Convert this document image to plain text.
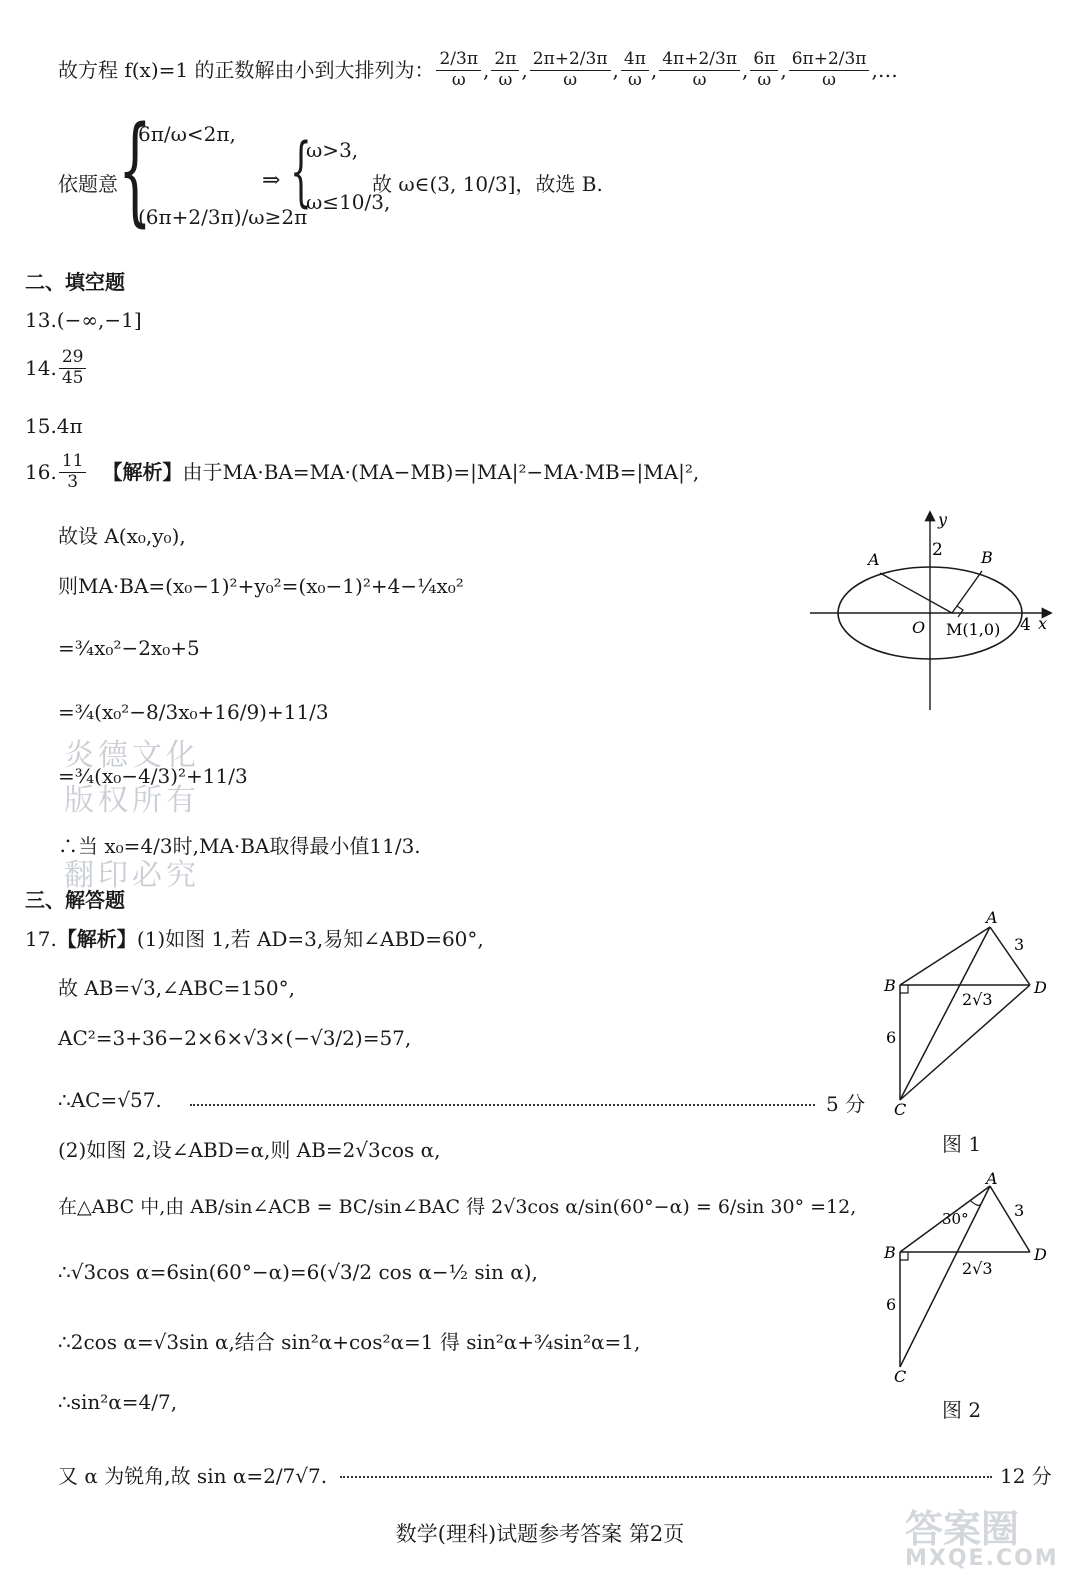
故方程 f(x)=1 的正数解由小到大排列为： $\frac{2/3\pi}{\omega}$ , $\frac{2\pi}{\omega}$ , $\frac{2\pi+2/3\pi}{\omega}$ , $\frac{4\pi}{\omega}$ , $\frac{4\pi+2/3\pi}{\omega}$ , $\frac{6\pi}{\omega}$ , $\frac{6\pi+2/3\pi}{\omega}$ ,…
依题意 {
6π/ω<2π,
(6π+2/3π)/ω≥2π
⇒ {
ω>3,
ω≤10/3,
故 ω∈(3, 10/3]，故选 B.
二、填空题
13.(−∞,−1]
14. $\frac{29}{45}$
15.4π
16. $\frac{11}{3}$ 【解析】 由于MA·BA=MA·(MA−MB)=|MA|²−MA·MB=|MA|²,
故设 A(x₀,y₀),
则MA·BA=(x₀−1)²+y₀²=(x₀−1)²+4−¼x₀²
=¾x₀²−2x₀+5
=¾(x₀²−8/3x₀+16/9)+11/3
=¾(x₀−4/3)²+11/3
∴当 x₀=4/3时,MA·BA取得最小值11/3.
炎德文化
版权所有
翻印必究
y
x
2
4
O M(1,0)
A	B
三、解答题
17.【解析】(1)如图 1,若 AD=3,易知∠ABD=60°,
故 AB=√3,∠ABC=150°,
AC²=3+36−2×6×√3×(−√3/2)=57,
∴AC=√57.	5 分
(2)如图 2,设∠ABD=α,则 AB=2√3cos α,
在△ABC 中,由 AB/sin∠ACB = BC/sin∠BAC 得 2√3cos α/sin(60°−α) = 6/sin 30° =12,
∴√3cos α=6sin(60°−α)=6(√3/2 cos α−½ sin α),
∴2cos α=√3sin α,结合 sin²α+cos²α=1 得 sin²α+¾sin²α=1,
∴sin²α=4/7,
又 α 为锐角,故 sin α=2/7√7.	12 分
A
B
C
D
3
2√3
6
图 1
A
B
C
D
3
2√3
6
30°
图 2
数学(理科)试题参考答案 第2页	答案圈
MXQE.COM
